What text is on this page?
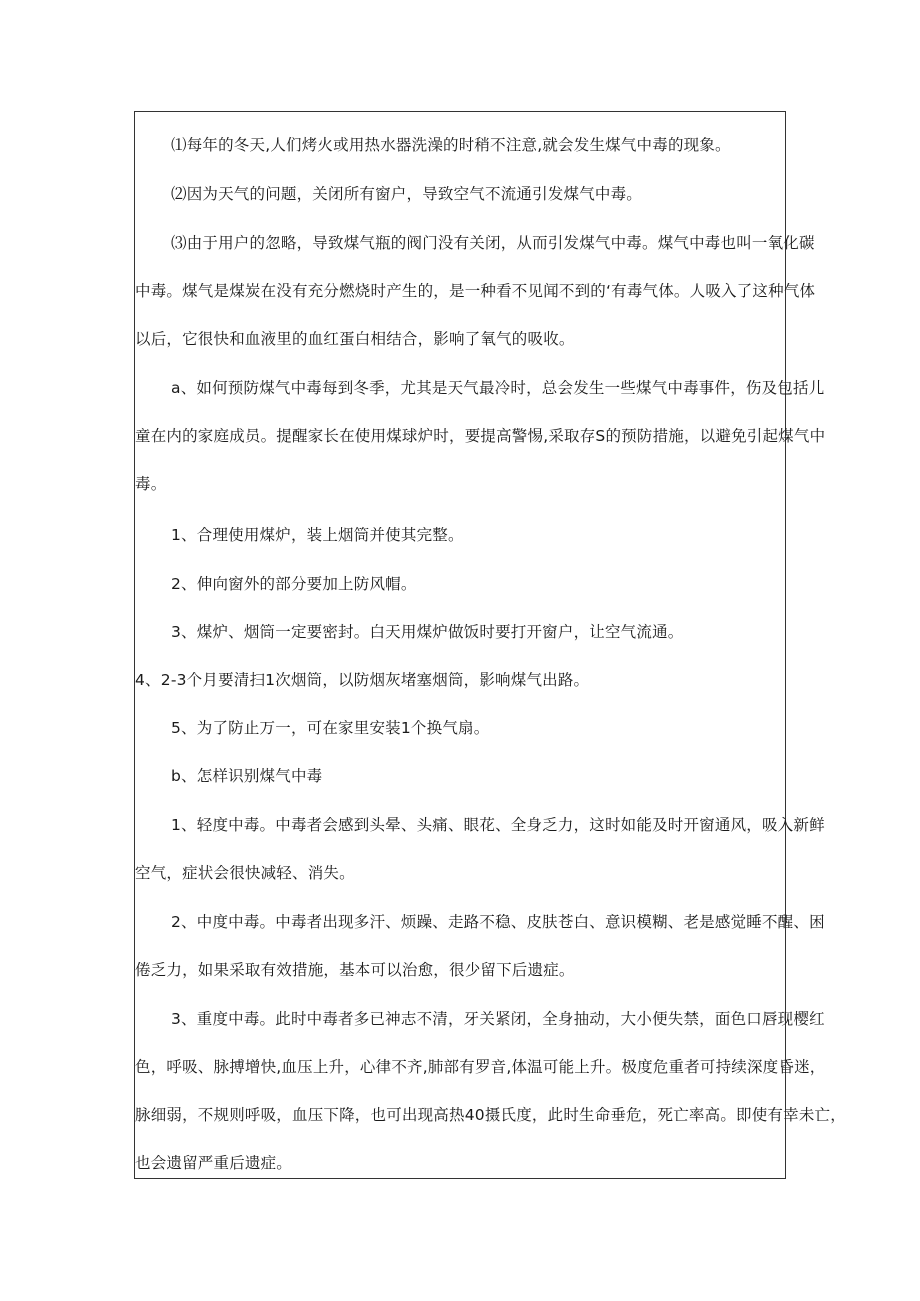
⑴每年的冬天,人们烤火或用热水器洗澡的时稍不注意,就会发生煤气中毒的现象。
⑵因为天气的问题，关闭所有窗户，导致空气不流通引发煤气中毒。
⑶由于用户的忽略，导致煤气瓶的阀门没有关闭，从而引发煤气中毒。煤气中毒也叫一氧化碳
中毒。煤气是煤炭在没有充分燃烧时产生的，是一种看不见闻不到的‘有毒气体。人吸入了这种气体
以后，它很快和血液里的血红蛋白相结合，影响了氧气的吸收。
a、如何预防煤气中毒每到冬季，尤其是天气最冷时，总会发生一些煤气中毒事件，伤及包括儿
童在内的家庭成员。提醒家长在使用煤球炉时，要提高警惕,采取存S的预防措施，以避免引起煤气中
毒。
1、合理使用煤炉，装上烟筒并使其完整。
2、伸向窗外的部分要加上防风帽。
3、煤炉、烟筒一定要密封。白天用煤炉做饭时要打开窗户，让空气流通。
4、2-3个月要清扫1次烟筒，以防烟灰堵塞烟筒，影响煤气出路。
5、为了防止万一，可在家里安装1个换气扇。
b、怎样识别煤气中毒
1、轻度中毒。中毒者会感到头晕、头痛、眼花、全身乏力，这时如能及时开窗通风，吸入新鲜
空气，症状会很快减轻、消失。
2、中度中毒。中毒者出现多汗、烦躁、走路不稳、皮肤苍白、意识模糊、老是感觉睡不醒、困
倦乏力，如果采取有效措施，基本可以治愈，很少留下后遗症。
3、重度中毒。此时中毒者多已神志不清，牙关紧闭，全身抽动，大小便失禁，面色口唇现樱红
色，呼吸、脉搏增快,血压上升，心律不齐,肺部有罗音,体温可能上升。极度危重者可持续深度昏迷，
脉细弱，不规则呼吸，血压下降，也可出现高热40摄氏度，此时生命垂危，死亡率高。即使有幸未亡，
也会遗留严重后遗症。
